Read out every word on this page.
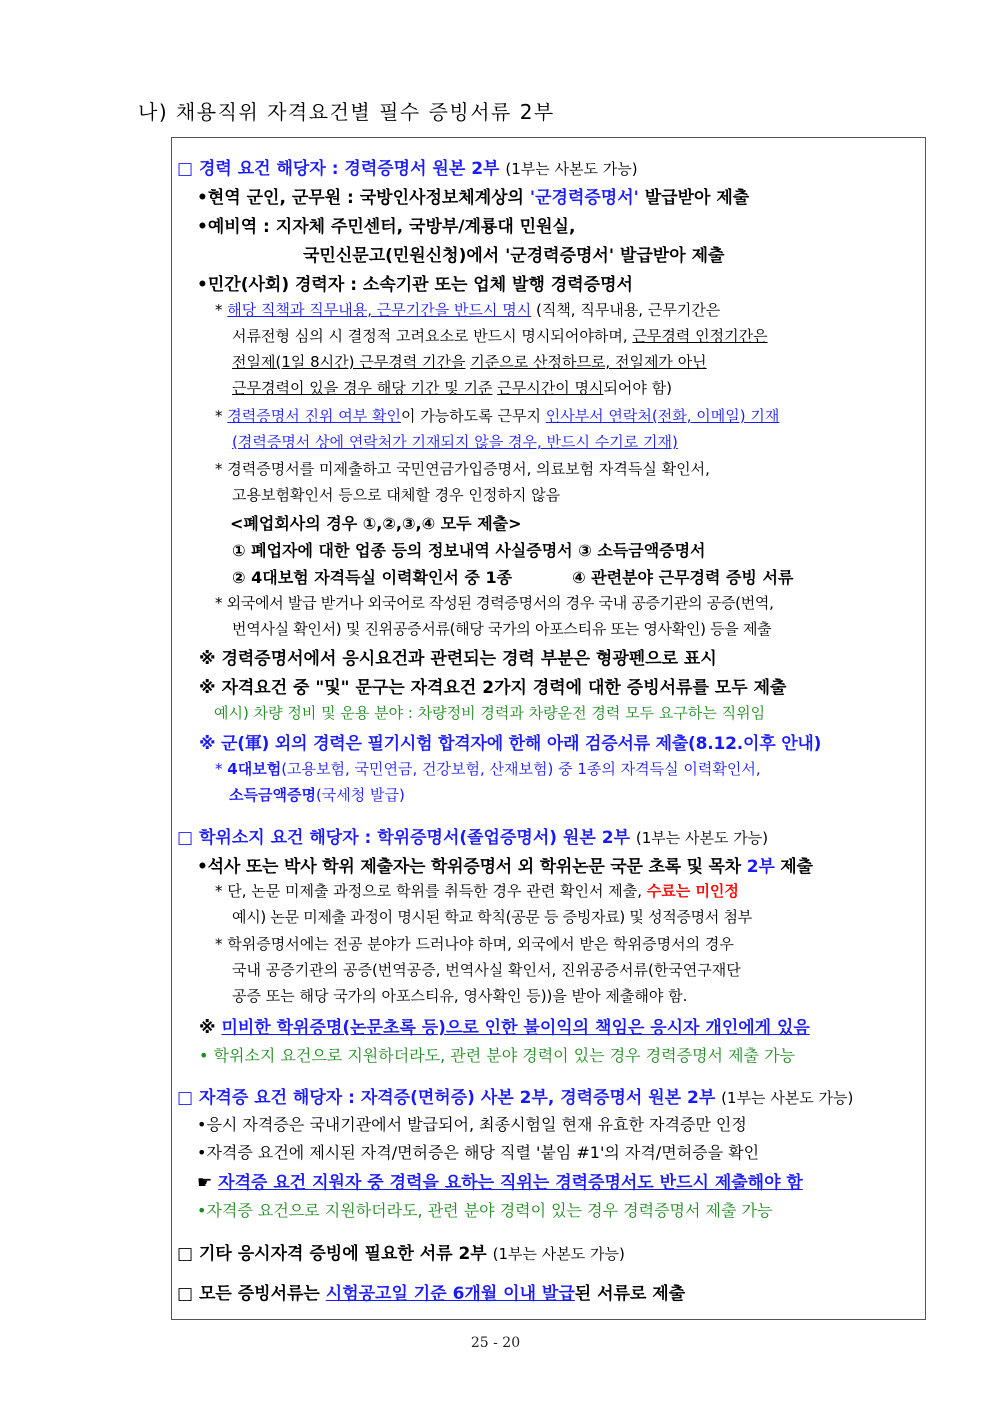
나) 채용직위 자격요건별 필수 증빙서류 2부
□ 경력 요건 해당자 : 경력증명서 원본 2부 (1부는 사본도 가능)
•현역 군인, 군무원 : 국방인사정보체계상의 '군경력증명서' 발급받아 제출
•예비역 : 지자체 주민센터, 국방부/계룡대 민원실,
국민신문고(민원신청)에서 '군경력증명서' 발급받아 제출
•민간(사회) 경력자 : 소속기관 또는 업체 발행 경력증명서
* 해당 직책과 직무내용, 근무기간을 반드시 명시 (직책, 직무내용, 근무기간은
서류전형 심의 시 결정적 고려요소로 반드시 명시되어야하며, 근무경력 인정기간은
전일제(1일 8시간) 근무경력 기간을 기준으로 산정하므로, 전일제가 아닌
근무경력이 있을 경우 해당 기간 및 기준 근무시간이 명시되어야 함)
* 경력증명서 진위 여부 확인이 가능하도록 근무지 인사부서 연락처(전화, 이메일) 기재
(경력증명서 상에 연락처가 기재되지 않을 경우, 반드시 수기로 기재)
* 경력증명서를 미제출하고 국민연금가입증명서, 의료보험 자격득실 확인서,
고용보험확인서 등으로 대체할 경우 인정하지 않음
<폐업회사의 경우 ①,②,③,④ 모두 제출>
① 폐업자에 대한 업종 등의 정보내역 사실증명서 ③ 소득금액증명서
② 4대보험 자격득실 이력확인서 중 1종	④ 관련분야 근무경력 증빙 서류
* 외국에서 발급 받거나 외국어로 작성된 경력증명서의 경우 국내 공증기관의 공증(번역,
번역사실 확인서) 및 진위공증서류(해당 국가의 아포스티유 또는 영사확인) 등을 제출
※ 경력증명서에서 응시요건과 관련되는 경력 부분은 형광펜으로 표시
※ 자격요건 중 "및" 문구는 자격요건 2가지 경력에 대한 증빙서류를 모두 제출
예시) 차량 정비 및 운용 분야 : 차량정비 경력과 차량운전 경력 모두 요구하는 직위임
※ 군(軍) 외의 경력은 필기시험 합격자에 한해 아래 검증서류 제출(8.12.이후 안내)
* 4대보험(고용보험, 국민연금, 건강보험, 산재보험) 중 1종의 자격득실 이력확인서,
소득금액증명(국세청 발급)
□ 학위소지 요건 해당자 : 학위증명서(졸업증명서) 원본 2부 (1부는 사본도 가능)
•석사 또는 박사 학위 제출자는 학위증명서 외 학위논문 국문 초록 및 목차 2부 제출
* 단, 논문 미제출 과정으로 학위를 취득한 경우 관련 확인서 제출, 수료는 미인정
예시) 논문 미제출 과정이 명시된 학교 학칙(공문 등 증빙자료) 및 성적증명서 첨부
* 학위증명서에는 전공 분야가 드러나야 하며, 외국에서 받은 학위증명서의 경우
국내 공증기관의 공증(번역공증, 번역사실 확인서, 진위공증서류(한국연구재단
공증 또는 해당 국가의 아포스티유, 영사확인 등))을 받아 제출해야 함.
※ 미비한 학위증명(논문초록 등)으로 인한 불이익의 책임은 응시자 개인에게 있음
• 학위소지 요건으로 지원하더라도, 관련 분야 경력이 있는 경우 경력증명서 제출 가능
□ 자격증 요건 해당자 : 자격증(면허증) 사본 2부, 경력증명서 원본 2부 (1부는 사본도 가능)
•응시 자격증은 국내기관에서 발급되어, 최종시험일 현재 유효한 자격증만 인정
•자격증 요건에 제시된 자격/면허증은 해당 직렬 '붙임 #1'의 자격/면허증을 확인
☛ 자격증 요건 지원자 중 경력을 요하는 직위는 경력증명서도 반드시 제출해야 함
•자격증 요건으로 지원하더라도, 관련 분야 경력이 있는 경우 경력증명서 제출 가능
□ 기타 응시자격 증빙에 필요한 서류 2부 (1부는 사본도 가능)
□ 모든 증빙서류는 시험공고일 기준 6개월 이내 발급된 서류로 제출
25 - 20
